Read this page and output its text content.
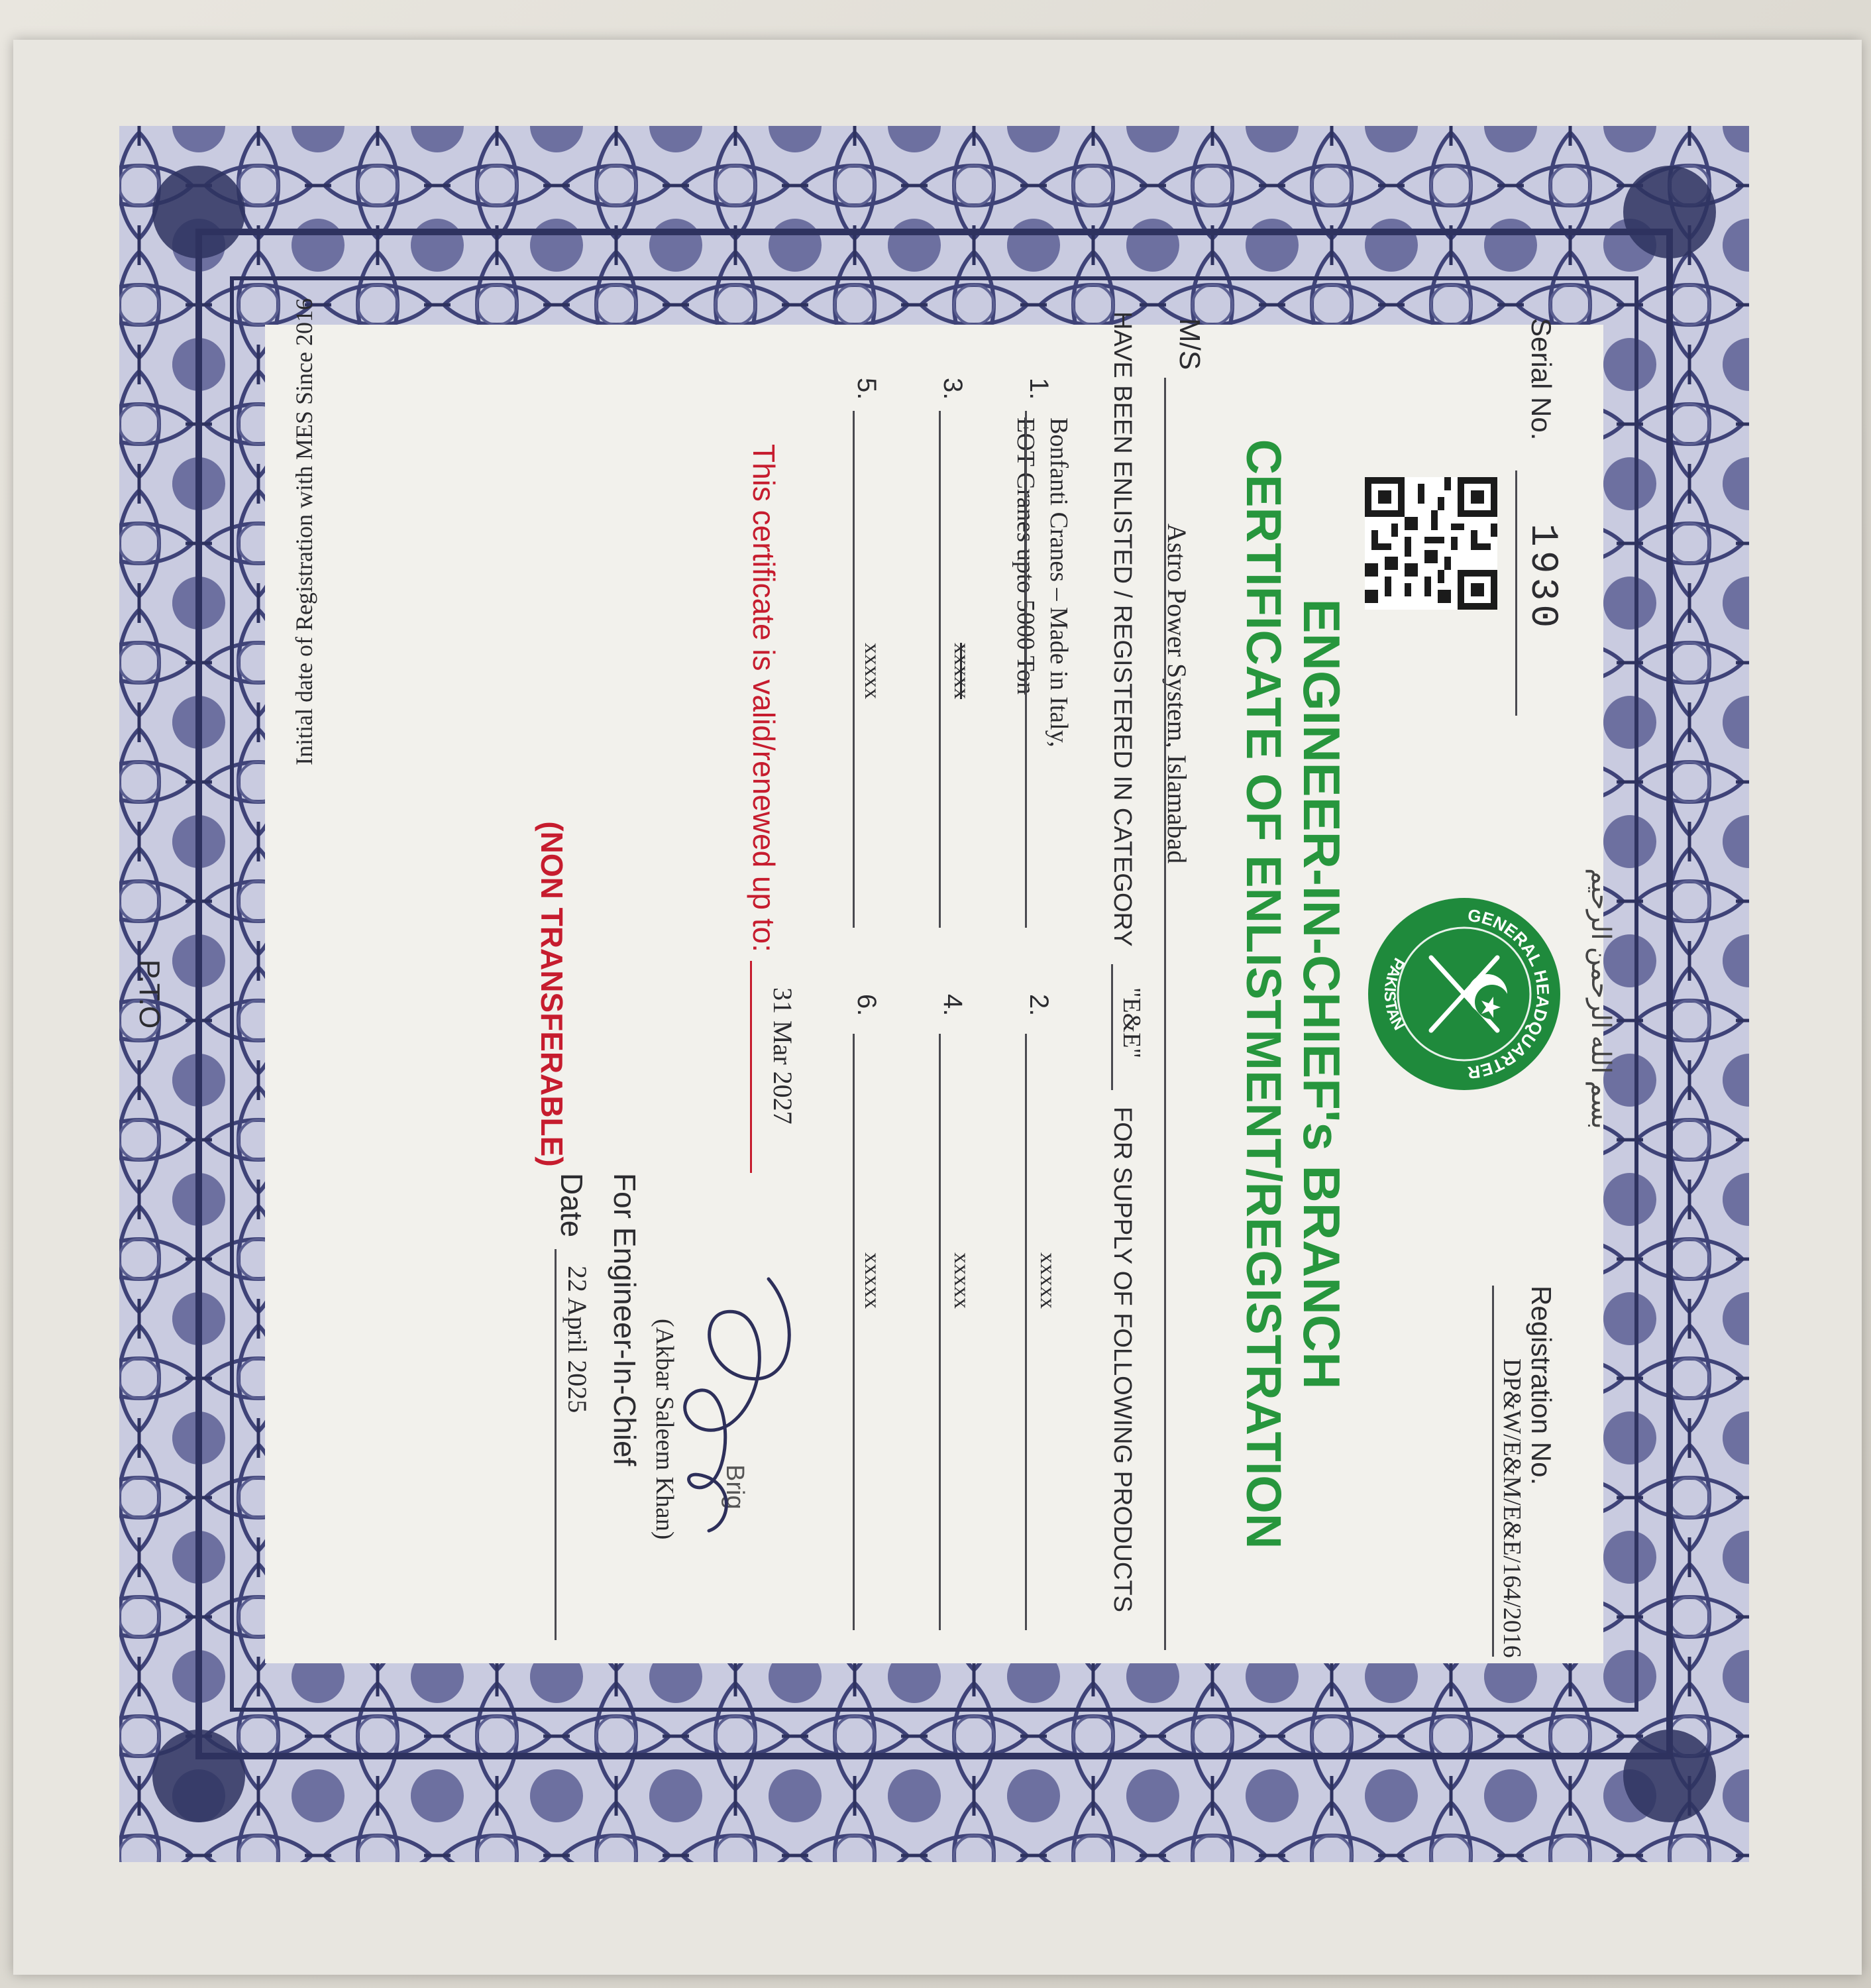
بسم الله الرحمن الرحیم
Serial No.
1930
Registration No.
DP&W/E&M/E&E/164/2016
GENERAL HEADQUARTER
PAKISTAN
ENGINEER-IN-CHIEF's BRANCH
CERTIFICATE OF ENLISTMENT/REGISTRATION
M/S
Astro Power System, Islamabad
HAVE BEEN ENLISTED / REGISTERED IN CATEGORY
"E&E"
FOR SUPPLY OF FOLLOWING PRODUCTS
1.
Bonfanti Cranes – Made in Italy,
EOT Cranes upto 5000 Ton
2.
xxxxx
3.
xxxxx
4.
xxxxx
5.
xxxxx
6.
xxxxx
This certificate is valid/renewed up to:
31 Mar 2027
Brig
(Akbar Saleem Khan)
For Engineer-In-Chief
Date
22 April 2025
(NON TRANSFERABLE)
Initial date of Registration with MES Since 2016
P.T.O
